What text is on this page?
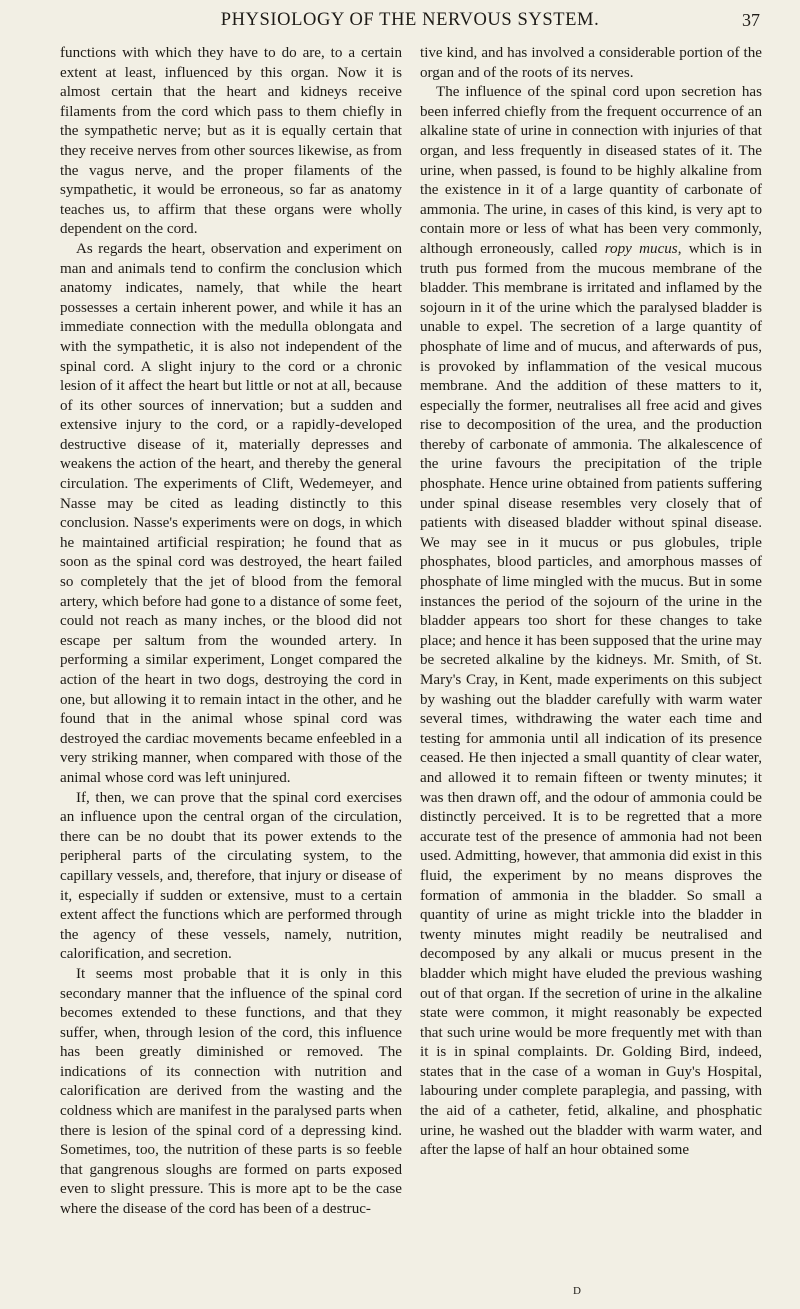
PHYSIOLOGY OF THE NERVOUS SYSTEM.	37

functions with which they have to do are, to a certain extent at least, influenced by this organ. Now it is almost certain that the heart and kidneys receive filaments from the cord which pass to them chiefly in the sympathetic nerve; but as it is equally certain that they receive nerves from other sources likewise, as from the vagus nerve, and the proper filaments of the sympathetic, it would be erroneous, so far as anatomy teaches us, to affirm that these organs were wholly dependent on the cord.

As regards the heart, observation and experiment on man and animals tend to confirm the conclusion which anatomy indicates, namely, that while the heart possesses a certain inherent power, and while it has an immediate connection with the medulla oblongata and with the sympathetic, it is also not independent of the spinal cord. A slight injury to the cord or a chronic lesion of it affect the heart but little or not at all, because of its other sources of innervation; but a sudden and extensive injury to the cord, or a rapidly-developed destructive disease of it, materially depresses and weakens the action of the heart, and thereby the general circulation. The experiments of Clift, Wedemeyer, and Nasse may be cited as leading distinctly to this conclusion. Nasse's experiments were on dogs, in which he maintained artificial respiration; he found that as soon as the spinal cord was destroyed, the heart failed so completely that the jet of blood from the femoral artery, which before had gone to a distance of some feet, could not reach as many inches, or the blood did not escape per saltum from the wounded artery. In performing a similar experiment, Longet compared the action of the heart in two dogs, destroying the cord in one, but allowing it to remain intact in the other, and he found that in the animal whose spinal cord was destroyed the cardiac movements became enfeebled in a very striking manner, when compared with those of the animal whose cord was left uninjured.

If, then, we can prove that the spinal cord exercises an influence upon the central organ of the circulation, there can be no doubt that its power extends to the peripheral parts of the circulating system, to the capillary vessels, and, therefore, that injury or disease of it, especially if sudden or extensive, must to a certain extent affect the functions which are performed through the agency of these vessels, namely, nutrition, calorification, and secretion.

It seems most probable that it is only in this secondary manner that the influence of the spinal cord becomes extended to these functions, and that they suffer, when, through lesion of the cord, this influence has been greatly diminished or removed. The indications of its connection with nutrition and calorification are derived from the wasting and the coldness which are manifest in the paralysed parts when there is lesion of the spinal cord of a depressing kind. Sometimes, too, the nutrition of these parts is so feeble that gangrenous sloughs are formed on parts exposed even to slight pressure. This is more apt to be the case where the disease of the cord has been of a destruc-

tive kind, and has involved a considerable portion of the organ and of the roots of its nerves.

The influence of the spinal cord upon secretion has been inferred chiefly from the frequent occurrence of an alkaline state of urine in connection with injuries of that organ, and less frequently in diseased states of it. The urine, when passed, is found to be highly alkaline from the existence in it of a large quantity of carbonate of ammonia. The urine, in cases of this kind, is very apt to contain more or less of what has been very commonly, although erroneously, called ropy mucus, which is in truth pus formed from the mucous membrane of the bladder. This membrane is irritated and inflamed by the sojourn in it of the urine which the paralysed bladder is unable to expel. The secretion of a large quantity of phosphate of lime and of mucus, and afterwards of pus, is provoked by inflammation of the vesical mucous membrane. And the addition of these matters to it, especially the former, neutralises all free acid and gives rise to decomposition of the urea, and the production thereby of carbonate of ammonia. The alkalescence of the urine favours the precipitation of the triple phosphate. Hence urine obtained from patients suffering under spinal disease resembles very closely that of patients with diseased bladder without spinal disease. We may see in it mucus or pus globules, triple phosphates, blood particles, and amorphous masses of phosphate of lime mingled with the mucus. But in some instances the period of the sojourn of the urine in the bladder appears too short for these changes to take place; and hence it has been supposed that the urine may be secreted alkaline by the kidneys. Mr. Smith, of St. Mary's Cray, in Kent, made experiments on this subject by washing out the bladder carefully with warm water several times, withdrawing the water each time and testing for ammonia until all indication of its presence ceased. He then injected a small quantity of clear water, and allowed it to remain fifteen or twenty minutes; it was then drawn off, and the odour of ammonia could be distinctly perceived. It is to be regretted that a more accurate test of the presence of ammonia had not been used. Admitting, however, that ammonia did exist in this fluid, the experiment by no means disproves the formation of ammonia in the bladder. So small a quantity of urine as might trickle into the bladder in twenty minutes might readily be neutralised and decomposed by any alkali or mucus present in the bladder which might have eluded the previous washing out of that organ. If the secretion of urine in the alkaline state were common, it might reasonably be expected that such urine would be more frequently met with than it is in spinal complaints. Dr. Golding Bird, indeed, states that in the case of a woman in Guy's Hospital, labouring under complete paraplegia, and passing, with the aid of a catheter, fetid, alkaline, and phosphatic urine, he washed out the bladder with warm water, and after the lapse of half an hour obtained some

D
